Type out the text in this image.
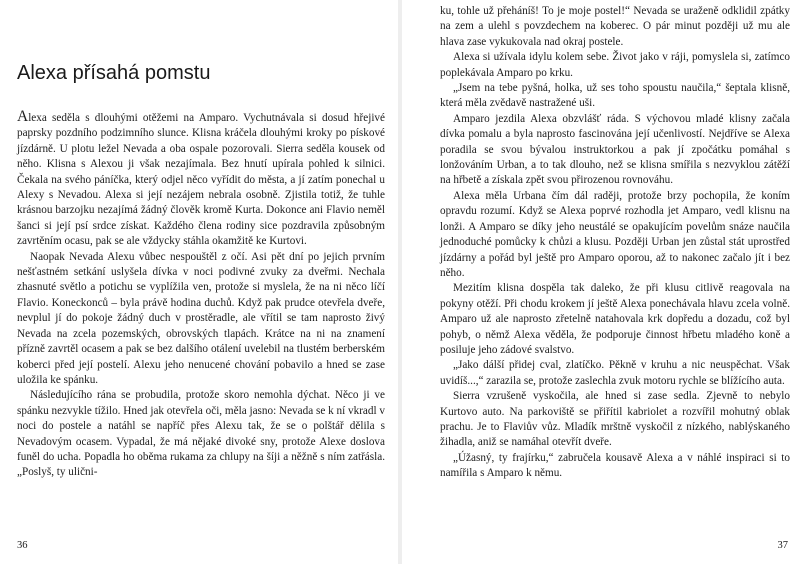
Alexa přísahá pomstu

Alexa seděla s dlouhými otěžemi na Amparo. Vychutnávala si dosud hřejivé paprsky pozdního podzimního slunce. Klisna kráčela dlouhými kroky po pískové jízdárně. U plotu ležel Nevada a oba ospale pozorovali. Sierra seděla kousek od něho. Klisna s Alexou ji však nezajímala. Bez hnutí upírala pohled k silnici. Čekala na svého páníčka, který odjel něco vyřídit do města, a jí zatím ponechal u Alexy s Nevadou. Alexa si její nezájem nebrala osobně. Zjistila totiž, že tuhle krásnou barzojku nezajímá žádný člověk kromě Kurta. Dokonce ani Flavio neměl šanci si její psí srdce získat. Každého člena rodiny sice pozdravila způsobným zavrtěním ocasu, pak se ale vždycky stáhla okamžitě ke Kurtovi.

Naopak Nevada Alexu vůbec nespouštěl z očí. Asi pět dní po jejich prvním nešťastném setkání uslyšela dívka v noci podivné zvuky za dveřmi. Nechala zhasnuté světlo a potichu se vyplížila ven, protože si myslela, že na ni něco líčí Flavio. Koneckonců – byla právě hodina duchů. Když pak prudce otevřela dveře, nevplul jí do pokoje žádný duch v prostěradle, ale vřítil se tam naprosto živý Nevada na zcela pozemských, obrovských tlapách. Krátce na ni na znamení přízně zavrtěl ocasem a pak se bez dalšího otálení uvelebil na tlustém berberském koberci před její postelí. Alexu jeho nenucené chování pobavilo a hned se zase uložila ke spánku.

Následujícího rána se probudila, protože skoro nemohla dýchat. Něco ji ve spánku nezvykle tížilo. Hned jak otevřela oči, měla jasno: Nevada se k ní vkradl v noci do postele a natáhl se napříč přes Alexu tak, že se o polštář dělila s Nevadovým ocasem. Vypadal, že má nějaké divoké sny, protože Alexe doslova funěl do ucha. Popadla ho oběma rukama za chlupy na šíji a něžně s ním zatřásla. „Poslyš, ty ulični-

36

ku, tohle už přeháníš! To je moje postel!“ Nevada se uraženě odklidil zpátky na zem a ulehl s povzdechem na koberec. O pár minut později už mu ale hlava zase vykukovala nad okraj postele.

Alexa si užívala idylu kolem sebe. Život jako v ráji, pomyslela si, zatímco poplekávala Amparo po krku.

„Jsem na tebe pyšná, holka, už ses toho spoustu naučila,“ šeptala klisně, která měla zvědavě nastražené uši.

Amparo jezdila Alexa obzvlášť ráda. S výchovou mladé klisny začala dívka pomalu a byla naprosto fascinována její učenlivostí. Nejdříve se Alexa poradila se svou bývalou instruktorkou a pak jí zpočátku pomáhal s lonžováním Urban, a to tak dlouho, než se klisna smířila s nezvyklou zátěží na hřbetě a získala zpět svou přirozenou rovnováhu.

Alexa měla Urbana čím dál raději, protože brzy pochopila, že koním opravdu rozumí. Když se Alexa poprvé rozhodla jet Amparo, vedl klisnu na lonži. A Amparo se díky jeho neustálé se opakujícím povelům snáze naučila jednoduché pomůcky k chůzi a klusu. Později Urban jen zůstal stát uprostřed jízdárny a pořád byl ještě pro Amparo oporou, až to nakonec začalo jít i bez něho.

Mezitím klisna dospěla tak daleko, že při klusu citlivě reagovala na pokyny otěží. Při chodu krokem jí ještě Alexa ponechávala hlavu zcela volně. Amparo už ale naprosto zřetelně natahovala krk dopředu a dozadu, což byl pohyb, o němž Alexa věděla, že podporuje činnost hřbetu mladého koně a posiluje jeho zádové svalstvo.

„Jako dálší přidej cval, zlatíčko. Pěkně v kruhu a nic neuspěchat. Však uvidíš...,“ zarazila se, protože zaslechla zvuk motoru rychle se blížícího auta.

Sierra vzrušeně vyskočila, ale hned si zase sedla. Zjevně to nebylo Kurtovo auto. Na parkoviště se přiřítil kabriolet a rozvířil mohutný oblak prachu. Je to Flaviův vůz. Mladík mrštně vyskočil z nízkého, nablýskaného žihadla, aniž se namáhal otevřít dveře.

„Úžasný, ty frajírku,“ zabručela kousavě Alexa a v náhlé inspiraci si to namířila s Amparo k němu.

37
